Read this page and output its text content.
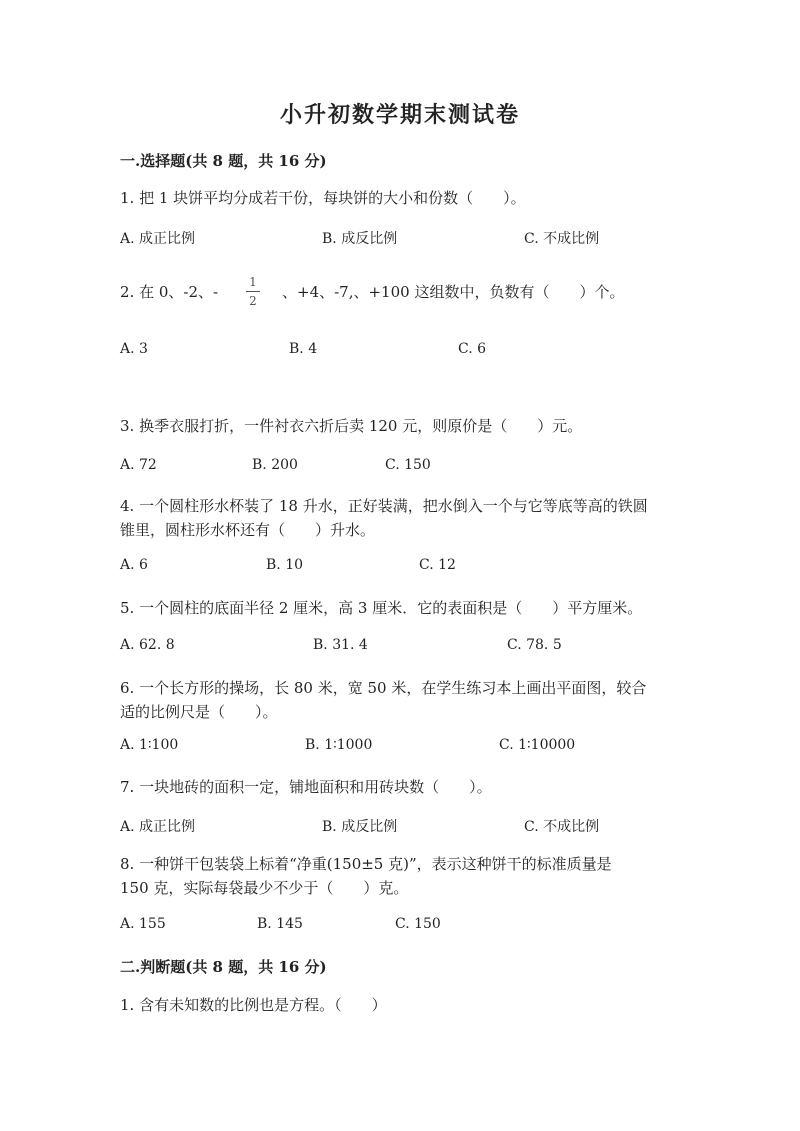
小升初数学期末测试卷
一.选择题(共 8 题，共 16 分)
1. 把 1 块饼平均分成若干份，每块饼的大小和份数（　　）。
A. 成正比例	B. 成反比例	C. 不成比例
2. 在 0、-2、-
1
2 、+4、-7,、+100 这组数中，负数有（　　）个。
A. 3	B. 4	C. 6
3. 换季衣服打折，一件衬衣六折后卖 120 元，则原价是（　　）元。
A. 72	B. 200	C. 150
4. 一个圆柱形水杯装了 18 升水，正好装满，把水倒入一个与它等底等高的铁圆
锥里，圆柱形水杯还有（　　）升水。
A. 6	B. 10	C. 12
5. 一个圆柱的底面半径 2 厘米，高 3 厘米．它的表面积是（　　）平方厘米。
A. 62. 8	B. 31. 4	C. 78. 5
6. 一个长方形的操场，长 80 米，宽 50 米，在学生练习本上画出平面图，较合
适的比例尺是（　　）。
A. 1∶100	B. 1∶1000	C. 1∶10000
7. 一块地砖的面积一定，铺地面积和用砖块数（　　）。
A. 成正比例	B. 成反比例	C. 不成比例
8. 一种饼干包装袋上标着“净重(150±5 克)”，表示这种饼干的标准质量是
150 克，实际每袋最少不少于（　　）克。
A. 155	B. 145	C. 150
二.判断题(共 8 题，共 16 分)
1. 含有未知数的比例也是方程。（　　）
